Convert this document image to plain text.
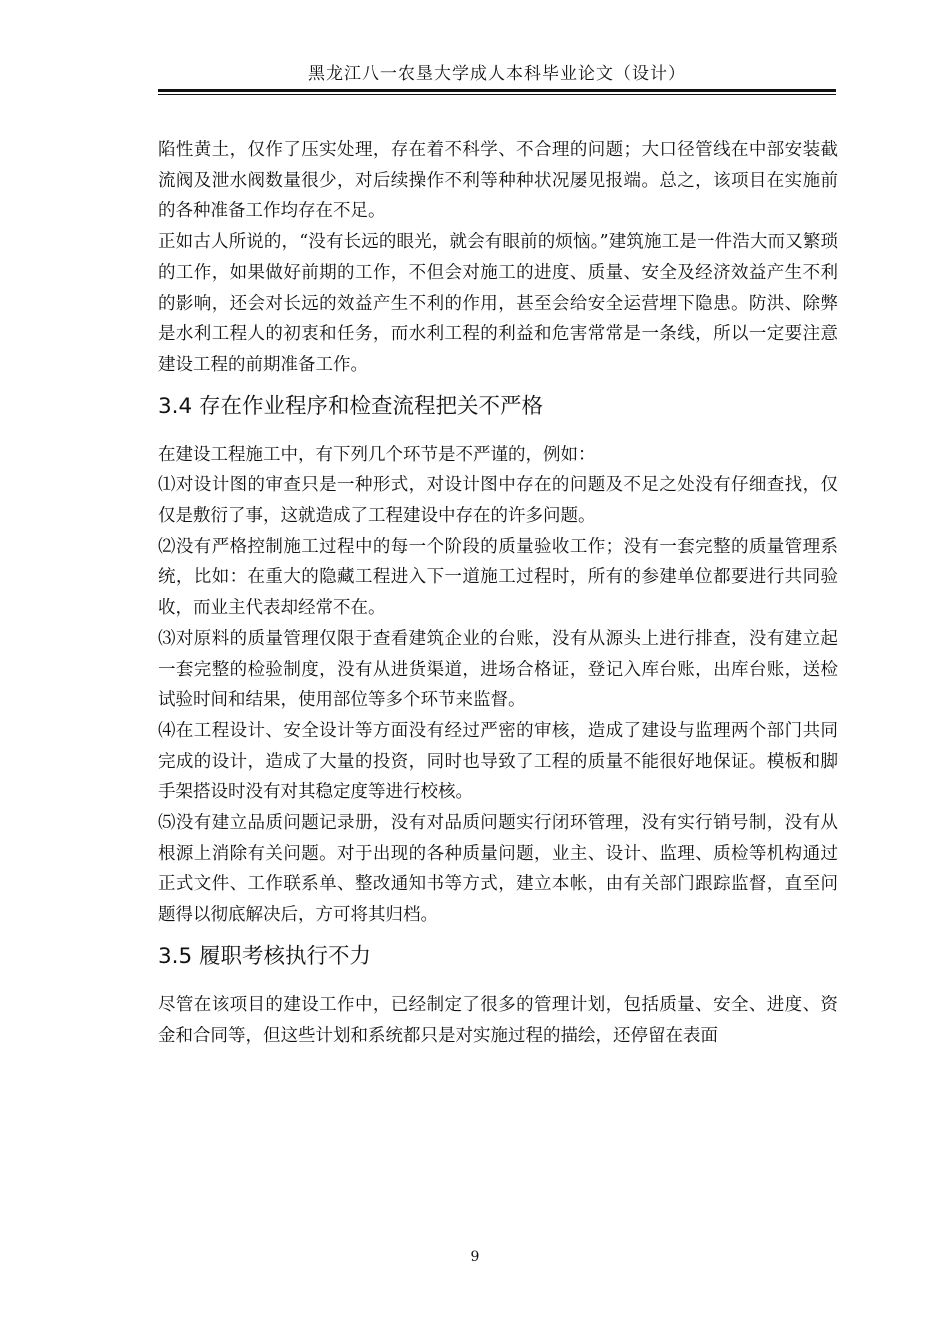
黑龙江八一农垦大学成人本科毕业论文（设计）

陷性黄土，仅作了压实处理，存在着不科学、不合理的问题；大口径管线在中部安装截流阀及泄水阀数量很少，对后续操作不利等种种状况屡见报端。总之，该项目在实施前的各种准备工作均存在不足。

正如古人所说的，“没有长远的眼光，就会有眼前的烦恼。”建筑施工是一件浩大而又繁琐的工作，如果做好前期的工作，不但会对施工的进度、质量、安全及经济效益产生不利的影响，还会对长远的效益产生不利的作用，甚至会给安全运营埋下隐患。防洪、除弊是水利工程人的初衷和任务，而水利工程的利益和危害常常是一条线，所以一定要注意建设工程的前期准备工作。

3.4 存在作业程序和检查流程把关不严格

在建设工程施工中，有下列几个环节是不严谨的，例如：

⑴对设计图的审查只是一种形式，对设计图中存在的问题及不足之处没有仔细查找，仅仅是敷衍了事，这就造成了工程建设中存在的许多问题。

⑵没有严格控制施工过程中的每一个阶段的质量验收工作；没有一套完整的质量管理系统，比如：在重大的隐藏工程进入下一道施工过程时，所有的参建单位都要进行共同验收，而业主代表却经常不在。

⑶对原料的质量管理仅限于查看建筑企业的台账，没有从源头上进行排查，没有建立起一套完整的检验制度，没有从进货渠道，进场合格证，登记入库台账，出库台账，送检试验时间和结果，使用部位等多个环节来监督。

⑷在工程设计、安全设计等方面没有经过严密的审核，造成了建设与监理两个部门共同完成的设计，造成了大量的投资，同时也导致了工程的质量不能很好地保证。模板和脚手架搭设时没有对其稳定度等进行校核。

⑸没有建立品质问题记录册，没有对品质问题实行闭环管理，没有实行销号制，没有从根源上消除有关问题。对于出现的各种质量问题，业主、设计、监理、质检等机构通过正式文件、工作联系单、整改通知书等方式，建立本帐，由有关部门跟踪监督，直至问题得以彻底解决后，方可将其归档。

3.5 履职考核执行不力

尽管在该项目的建设工作中，已经制定了很多的管理计划，包括质量、安全、进度、资金和合同等，但这些计划和系统都只是对实施过程的描绘，还停留在表面

9
